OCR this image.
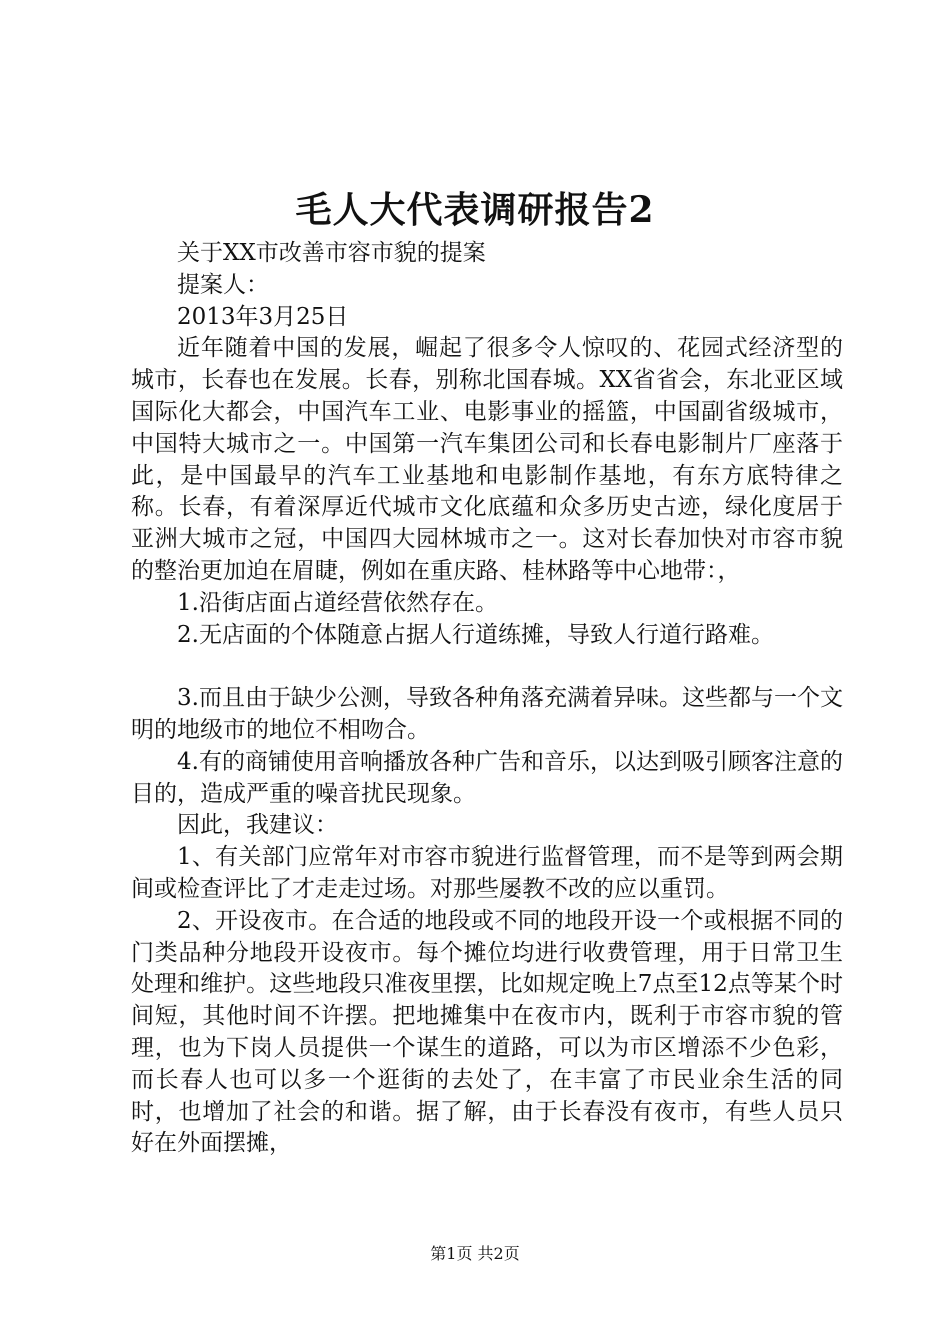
毛人大代表调研报告2

关于XX市改善市容市貌的提案

提案人：

2013年3月25日

近年随着中国的发展，崛起了很多令人惊叹的、花园式经济型的城市，长春也在发展。长春，别称北国春城。XX省省会，东北亚区域国际化大都会，中国汽车工业、电影事业的摇篮，中国副省级城市，中国特大城市之一。中国第一汽车集团公司和长春电影制片厂座落于此，是中国最早的汽车工业基地和电影制作基地，有东方底特律之称。长春，有着深厚近代城市文化底蕴和众多历史古迹，绿化度居于亚洲大城市之冠，中国四大园林城市之一。这对长春加快对市容市貌的整治更加迫在眉睫，例如在重庆路、桂林路等中心地带：，

1.沿街店面占道经营依然存在。

2.无店面的个体随意占据人行道练摊，导致人行道行路难。

3.而且由于缺少公测，导致各种角落充满着异味。这些都与一个文明的地级市的地位不相吻合。

4.有的商铺使用音响播放各种广告和音乐，以达到吸引顾客注意的目的，造成严重的噪音扰民现象。

因此，我建议：

1、有关部门应常年对市容市貌进行监督管理，而不是等到两会期间或检查评比了才走走过场。对那些屡教不改的应以重罚。

2、开设夜市。在合适的地段或不同的地段开设一个或根据不同的门类品种分地段开设夜市。每个摊位均进行收费管理，用于日常卫生处理和维护。这些地段只准夜里摆，比如规定晚上7点至12点等某个时间短，其他时间不许摆。把地摊集中在夜市内，既利于市容市貌的管理，也为下岗人员提供一个谋生的道路，可以为市区增添不少色彩，而长春人也可以多一个逛街的去处了，在丰富了市民业余生活的同时，也增加了社会的和谐。据了解，由于长春没有夜市，有些人员只好在外面摆摊，

第1页 共2页
